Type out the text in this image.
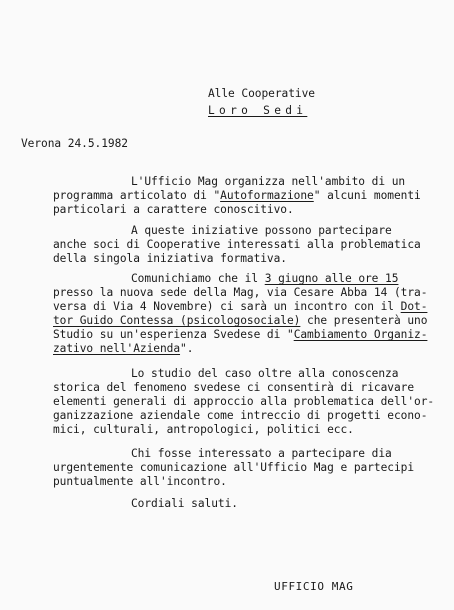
Alle Cooperative
Loro Sedi
Verona 24.5.1982
L'Ufficio Mag organizza nell'ambito di un
programma articolato di "Autoformazione" alcuni momenti
particolari a carattere conoscitivo.
A queste iniziative possono partecipare
anche soci di Cooperative interessati alla problematica
della singola iniziativa formativa.
Comunichiamo che il 3 giugno alle ore 15
presso la nuova sede della Mag, via Cesare Abba 14 (tra-
versa di Via 4 Novembre) ci sarà un incontro con il Dot-
tor Guido Contessa (psicologosociale) che presenterà uno
Studio su un'esperienza Svedese di "Cambiamento Organiz-
zativo nell'Azienda".
Lo studio del caso oltre alla conoscenza
storica del fenomeno svedese ci consentirà di ricavare
elementi generali di approccio alla problematica dell'or-
ganizzazione aziendale come intreccio di progetti econo-
mici, culturali, antropologici, politici ecc.
Chi fosse interessato a partecipare dia
urgentemente comunicazione all'Ufficio Mag e partecipi
puntualmente all'incontro.
Cordiali saluti.
UFFICIO MAG
